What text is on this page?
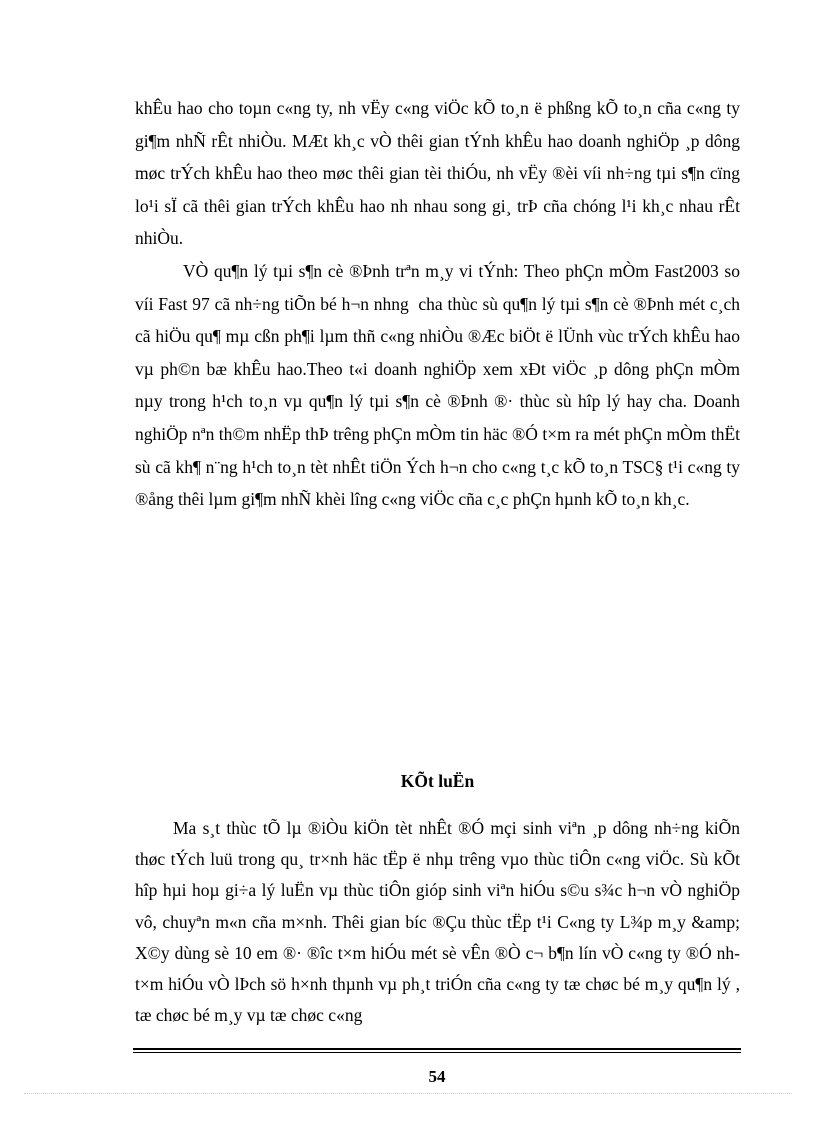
khÊu hao cho toµn c«ng ty, nh vËy c«ng viÖc kÕ to¸n ë phßng kÕ to¸n cña c«ng ty gi¶m nhÑ rÊt nhiÒu. MÆt kh¸c vÒ thêi gian tÝnh khÊu hao doanh nghiÖp ¸p dông møc trÝch khÊu hao theo møc thêi gian tèi thiÓu, nh vËy ®èi víi nh÷ng tµi s¶n cïng lo¹i sÏ cã thêi gian trÝch khÊu hao nh nhau song gi¸ trÞ cña chóng l¹i kh¸c nhau rÊt nhiÒu.

VÒ qu¶n lý tµi s¶n cè ®Þnh trªn m¸y vi tÝnh: Theo phÇn mÒm Fast2003 so víi Fast 97 cã nh÷ng tiÕn bé h¬n nhng cha thùc sù qu¶n lý tµi s¶n cè ®Þnh mét c¸ch cã hiÖu qu¶ mµ cßn ph¶i lµm thñ c«ng nhiÒu ®Æc biÖt ë lÜnh vùc trÝch khÊu hao vµ ph©n bæ khÊu hao.Theo t«i doanh nghiÖp xem xÐt viÖc ¸p dông phÇn mÒm nµy trong h¹ch to¸n vµ qu¶n lý tµi s¶n cè ®Þnh ®· thùc sù hîp lý hay cha. Doanh nghiÖp nªn th©m nhËp thÞ trêng phÇn mÒm tin häc ®Ó t×m ra mét phÇn mÒm thËt sù cã kh¶ n¨ng h¹ch to¸n tèt nhÊt tiÖn Ých h¬n cho c«ng t¸c kÕ to¸n TSC§ t¹i c«ng ty ®ång thêi lµm gi¶m nhÑ khèi lîng c«ng viÖc cña c¸c phÇn hµnh kÕ to¸n kh¸c.

KÕt luËn

Ma s¸t thùc tÕ lµ ®iÒu kiÖn tèt nhÊt ®Ó mçi sinh viªn ¸p dông nh÷ng kiÕn thøc tÝch luü trong qu¸ tr×nh häc tËp ë nhµ trêng vµo thùc tiÔn c«ng viÖc. Sù kÕt hîp hµi hoµ gi÷a lý luËn vµ thùc tiÔn gióp sinh viªn hiÓu s©u s¾c h¬n vÒ nghiÖp vô, chuyªn m«n cña m×nh. Thêi gian bíc ®Çu thùc tËp t¹i C«ng ty L¾p m¸y &amp; X©y dùng sè 10 em ®· ®îc t×m hiÓu mét sè vÊn ®Ò c¬ b¶n lín vÒ c«ng ty ®Ó nh t×m hiÓu vÒ lÞch sö h×nh thµnh vµ ph¸t triÓn cña c«ng ty tæ chøc bé m¸y qu¶n lý , tæ chøc bé m¸y vµ tæ chøc c«ng

54
